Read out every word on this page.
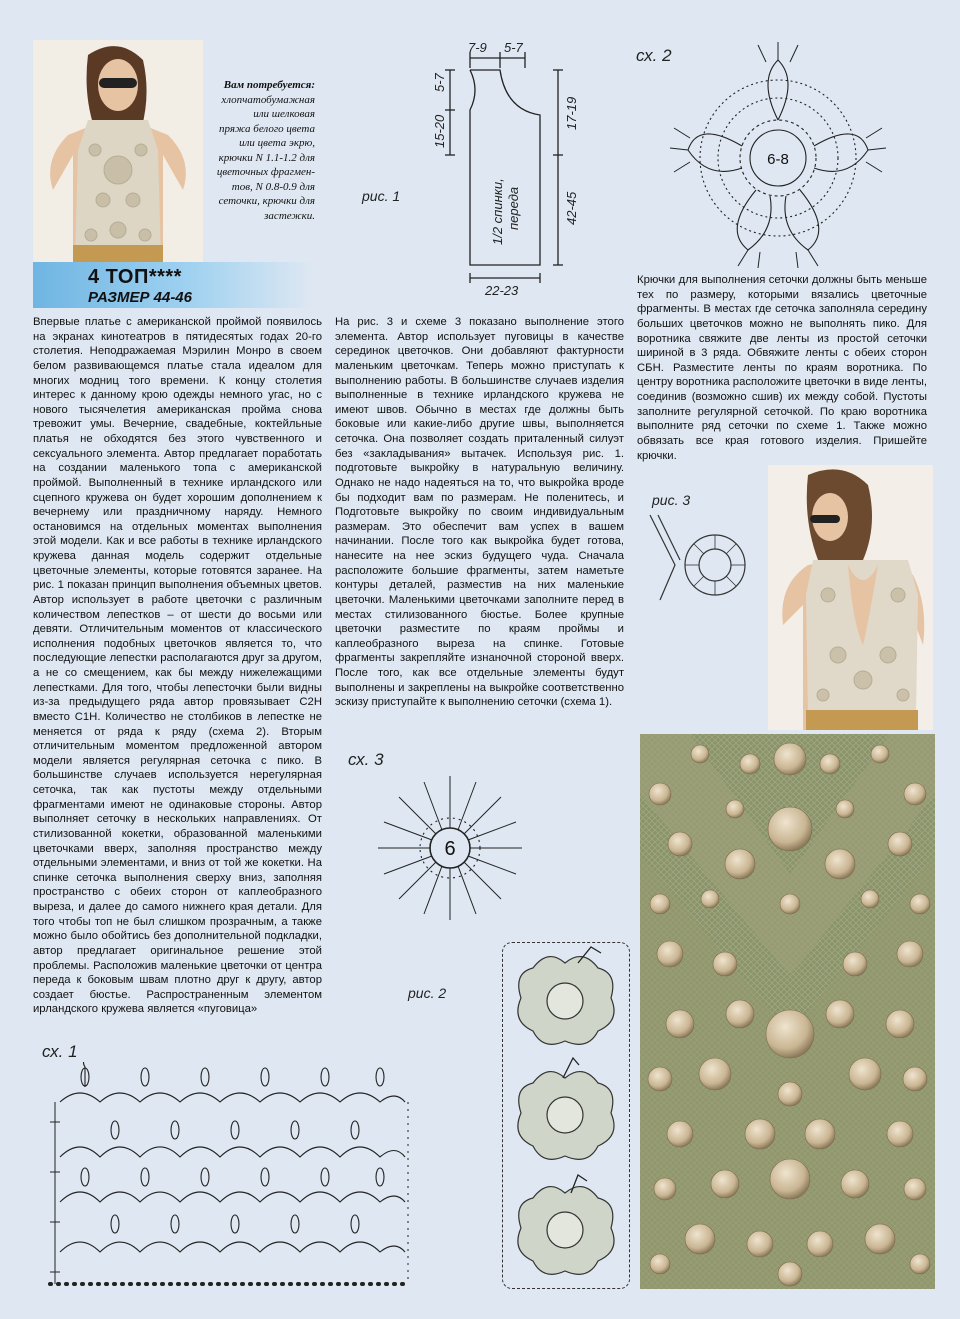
Вам потребуется:
хлопчатобумажная
или шелковая
пряжа белого цвета
или цвета экрю,
крючки N 1.1-1.2 для
цветочных фрагмен-
тов, N 0.8-0.9 для
сеточки, крючки для
застежки.
4 ТОП****
РАЗМЕР 44-46
7-9 5-7
5-7
15-20
17-19
42-45
22-23
1/2 спинки, переда
рис. 1
сх. 2
6-8

Впервые платье с американской проймой появилось на экранах кинотеатров в пятидесятых годах 20-го столетия. Неподражаемая Мэрилин Монро в своем белом развивающемся платье стала идеалом для многих модниц того времени. К концу столетия интерес к данному крою одежды немного угас, но с нового тысячелетия американская пройма снова тревожит умы. Вечерние, свадебные, коктейльные платья не обходятся без этого чувственного и сексуального элемента. Автор предлагает поработать на создании маленького топа с американской проймой. Выполненный в технике ирландского или сцепного кружева он будет хорошим дополнением к вечернему или праздничному наряду. Немного остановимся на отдельных моментах выполнения этой модели. Как и все работы в технике ирландского кружева данная модель содержит отдельные цветочные элементы, которые готовятся заранее. На рис. 1 показан принцип выполнения объемных цветов. Автор использует в работе цветочки с различным количеством лепестков – от шести до восьми или девяти. Отличительным моментов от классического исполнения подобных цветочков является то, что последующие лепестки располагаются друг за другом, а не со смещением, как бы между нижележащими лепестками. Для того, чтобы лепесточки были видны из-за предыдущего ряда автор провязывает С2Н вместо С1Н. Количество не столбиков в лепестке не меняется от ряда к ряду (схема 2). Вторым отличительным моментом предложенной автором модели является регулярная сеточка с пико. В большинстве случаев используется нерегулярная сеточка, так как пустоты между отдельными фрагментами имеют не одинаковые стороны. Автор выполняет сеточку в нескольких направлениях. От стилизованной кокетки, образованной маленькими цветочками вверх, заполняя пространство между отдельными элементами, и вниз от той же кокетки. На спинке сеточка выполнения сверху вниз, заполняя пространство с обеих сторон от каплеобразного выреза, и далее до самого нижнего края детали. Для того чтобы топ не был слишком прозрачным, а также можно было обойтись без дополнительной подкладки, автор предлагает оригинальное решение этой проблемы. Расположив маленькие цветочки от центра переда к боковым швам плотно друг к другу, автор создает бюстье. Распространенным элементом ирландского кружева является «пуговица»

На рис. 3 и схеме 3 показано выполнение этого элемента. Автор использует пуговицы в качестве серединок цветочков. Они добавляют фактурности маленьким цветочкам. Теперь можно приступать к выполнению работы. В большинстве случаев изделия выполненные в технике ирландского кружева не имеют швов. Обычно в местах где должны быть боковые или какие-либо другие швы, выполняется сеточка. Она позволяет создать приталенный силуэт без «закладывания» вытачек. Используя рис. 1. подготовьте выкройку в натуральную величину. Однако не надо надеяться на то, что выкройка вроде бы подходит вам по размерам. Не поленитесь, и Подготовьте выкройку по своим индивидуальным размерам. Это обеспечит вам успех в вашем начинании. После того как выкройка будет готова, нанесите на нее эскиз будущего чуда. Сначала расположите большие фрагменты, затем наметьте контуры деталей, разместив на них маленькие цветочки. Маленькими цветочками заполните перед в местах стилизованного бюстье. Более крупные цветочки разместите по краям проймы и каплеобразного выреза на спинке. Готовые фрагменты закрепляйте изнаночной стороной вверх. После того, как все отдельные элементы будут выполнены и закреплены на выкройке соответственно эскизу приступайте к выполнению сеточки (схема 1).

Крючки для выполнения сеточки должны быть меньше тех по размеру, которыми вязались цветочные фрагменты. В местах где сеточка заполняла середину больших цветочков можно не выполнять пико. Для воротника свяжите две ленты из простой сеточки шириной в 3 ряда. Обвяжите ленты с обеих сторон СБН. Разместите ленты по краям воротника. По центру воротника расположите цветочки в виде ленты, соединив (возможно сшив) их между собой. Пустоты заполните регулярной сеточкой. По краю воротника выполните ряд сеточки по схеме 1. Также можно обвязать все края готового изделия. Пришейте крючки.

рис. 3
сх. 3
6
рис. 2
сх. 1
